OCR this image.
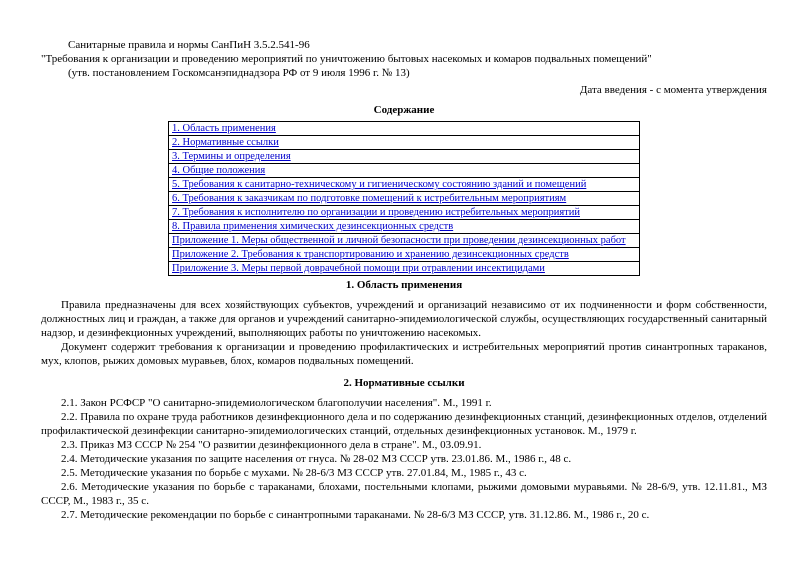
Санитарные правила и нормы СанПиН 3.5.2.541-96
"Требования к организации и проведению мероприятий по уничтожению бытовых насекомых и комаров подвальных помещений"
(утв. постановлением Госкомсанэпиднадзора РФ от 9 июля 1996 г. № 13)
Дата введения - с момента утверждения
Содержание
1. Область применения
2. Нормативные ссылки
3. Термины и определения
4. Общие положения
5. Требования к санитарно-техническому и гигиеническому состоянию зданий и помещений
6. Требования к заказчикам по подготовке помещений к истребительным мероприятиям
7. Требования к исполнителю по организации и проведению истребительных мероприятий
8. Правила применения химических дезинсекционных средств
Приложение 1. Меры общественной и личной безопасности при проведении дезинсекционных работ
Приложение 2. Требования к транспортированию и хранению дезинсекционных средств
Приложение 3. Меры первой доврачебной помощи при отравлении инсектицидами
1. Область применения

Правила предназначены для всех хозяйствующих субъектов, учреждений и организаций независимо от их подчиненности и форм собственности, должностных лиц и граждан, а также для органов и учреждений санитарно-эпидемиологической службы, осуществляющих государственный санитарный надзор, и дезинфекционных учреждений, выполняющих работы по уничтожению насекомых.

Документ содержит требования к организации и проведению профилактических и истребительных мероприятий против синантропных тараканов, мух, клопов, рыжих домовых муравьев, блох, комаров подвальных помещений.

2. Нормативные ссылки

2.1. Закон РСФСР "О санитарно-эпидемиологическом благополучии населения". М., 1991 г.

2.2. Правила по охране труда работников дезинфекционного дела и по содержанию дезинфекционных станций, дезинфекционных отделов, отделений профилактической дезинфекции санитарно-эпидемиологических станций, отдельных дезинфекционных установок. М., 1979 г.

2.3. Приказ МЗ СССР № 254 "О развитии дезинфекционного дела в стране". М., 03.09.91.

2.4. Методические указания по защите населения от гнуса. № 28-02 МЗ СССР утв. 23.01.86. М., 1986 г., 48 с.

2.5. Методические указания по борьбе с мухами. № 28-6/3 МЗ СССР утв. 27.01.84, М., 1985 г., 43 с.

2.6. Методические указания по борьбе с тараканами, блохами, постельными клопами, рыжими домовыми муравьями. № 28-6/9, утв. 12.11.81., МЗ СССР, М., 1983 г., 35 с.

2.7. Методические рекомендации по борьбе с синантропными тараканами. № 28-6/3 МЗ СССР, утв. 31.12.86. М., 1986 г., 20 с.
